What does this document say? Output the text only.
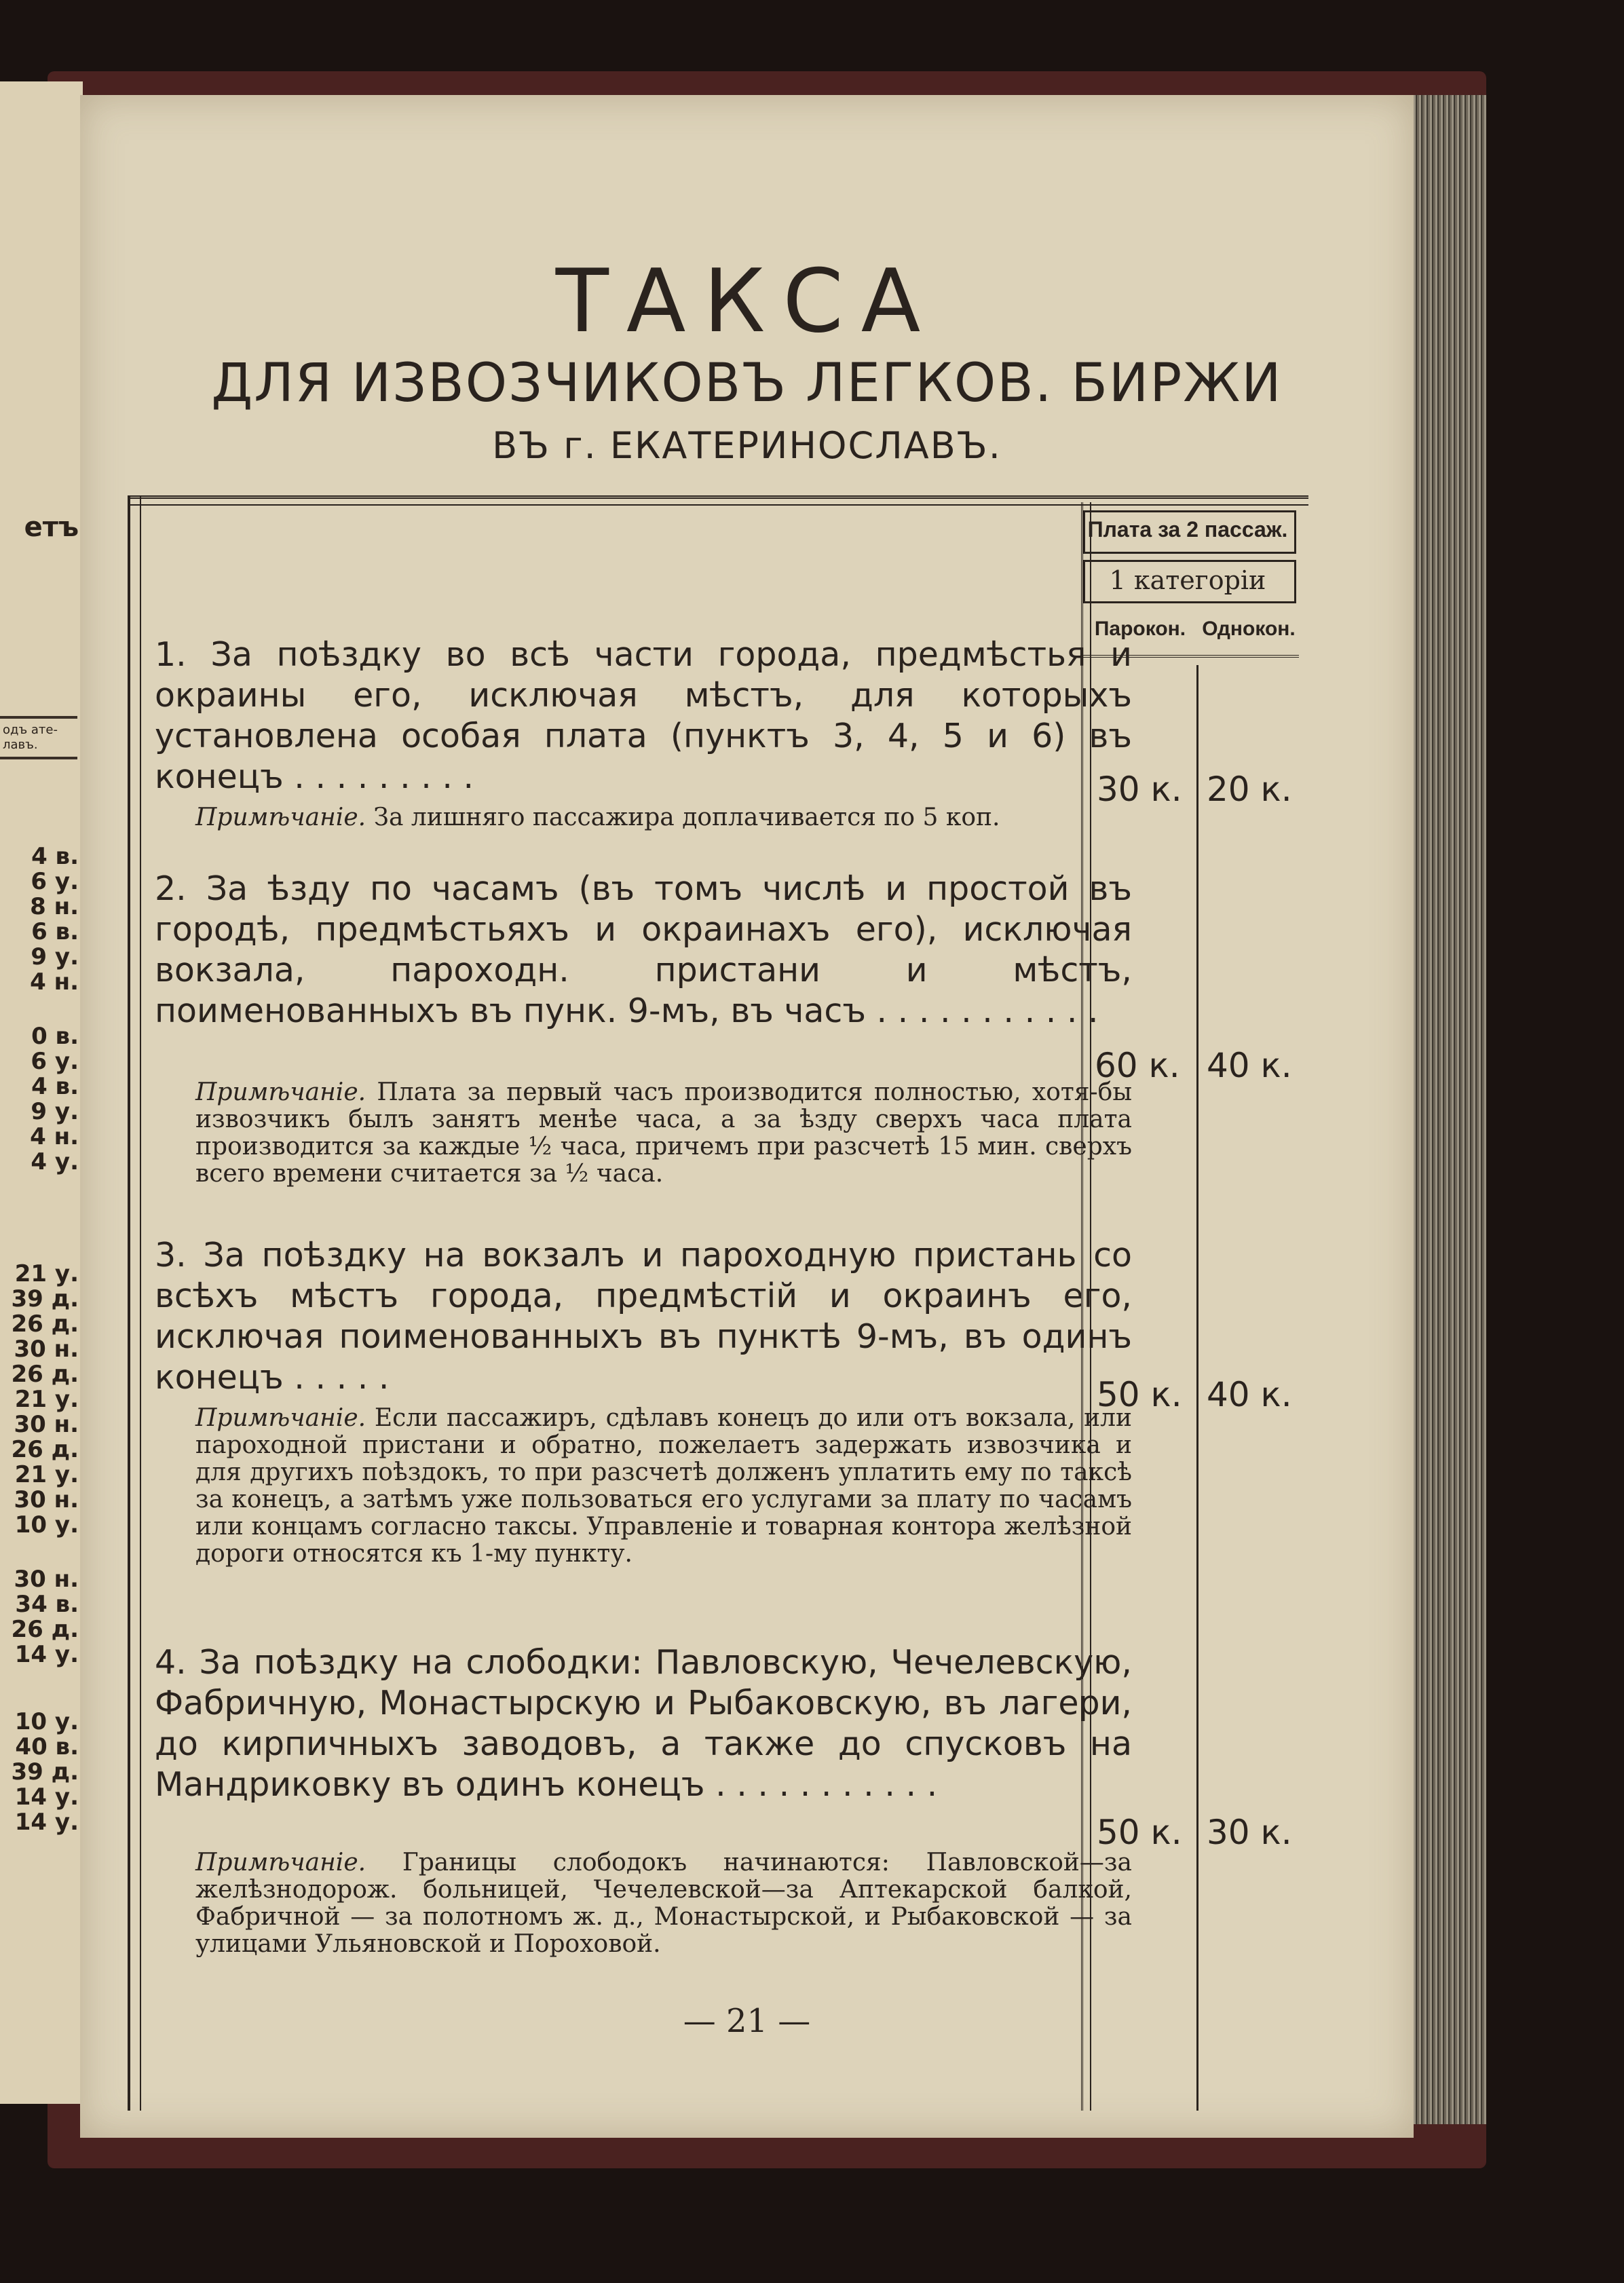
етъ
одъ ате- лавъ.
4 в.
6 у.
8 н.
6 в.
9 у.
4 н.
0 в.
6 у.
4 в.
9 у.
4 н.
4 у.
21 у.
39 д.
26 д.
30 н.
26 д.
21 у.
30 н.
26 д.
21 у.
30 н.
10 у.
30 н.
34 в.
26 д.
14 у.
10 у.
40 в.
39 д.
14 у.
14 у.
ТАКСА
ДЛЯ ИЗВОЗЧИКОВЪ ЛЕГКОВ. БИРЖИ
ВЪ г. ЕКАТЕРИНОСЛАВЪ.
Плата за 2 пассаж.
1 категоріи
Парокон. Однокон.
1. За поѣздку во всѣ части города, предмѣстья и окраины его, исключая мѣстъ, для которыхъ установлена особая плата (пунктъ 3, 4, 5 и 6) въ конецъ . . . . . . . . .
Примѣчаніе. За лишняго пассажира доплачивается по 5 коп.
30 к. 20 к.
2. За ѣзду по часамъ (въ томъ числѣ и простой въ городѣ, предмѣстьяхъ и окраинахъ его), исключая вокзала, пароходн. пристани и мѣстъ, поименованныхъ въ пунк. 9-мъ, въ часъ . . . . . . . . . . .
Примѣчаніе. Плата за первый часъ производится полностью, хотя-бы извозчикъ былъ занятъ менѣе часа, а за ѣзду сверхъ часа плата производится за каждые ½ часа, причемъ при разсчетѣ 15 мин. сверхъ всего времени считается за ½ часа.
60 к. 40 к.
3. За поѣздку на вокзалъ и пароходную пристань со всѣхъ мѣстъ города, предмѣстій и окраинъ его, исключая поименованныхъ въ пунктѣ 9-мъ, въ одинъ конецъ . . . . .
Примѣчаніе. Если пассажиръ, сдѣлавъ конецъ до или отъ вокзала, или пароходной пристани и обратно, пожелаетъ задержать извозчика и для другихъ поѣздокъ, то при разсчетѣ долженъ уплатить ему по таксѣ за конецъ, а затѣмъ уже пользоваться его услугами за плату по часамъ или концамъ согласно таксы. Управленіе и товарная контора желѣзной дороги относятся къ 1-му пункту.
50 к. 40 к.
4. За поѣздку на слободки: Павловскую, Чечелевскую, Фабричную, Монастырскую и Рыбаковскую, въ лагери, до кирпичныхъ заводовъ, а также до спусковъ на Мандриковку въ одинъ конецъ . . . . . . . . . . .
Примѣчаніе. Границы слободокъ начинаются: Павловской—за желѣзнодорож. больницей, Чечелевской—за Аптекарской балкой, Фабричной — за полотномъ ж. д., Монастырской, и Рыбаковской — за улицами Ульяновской и Пороховой.
50 к. 30 к.
— 21 —
